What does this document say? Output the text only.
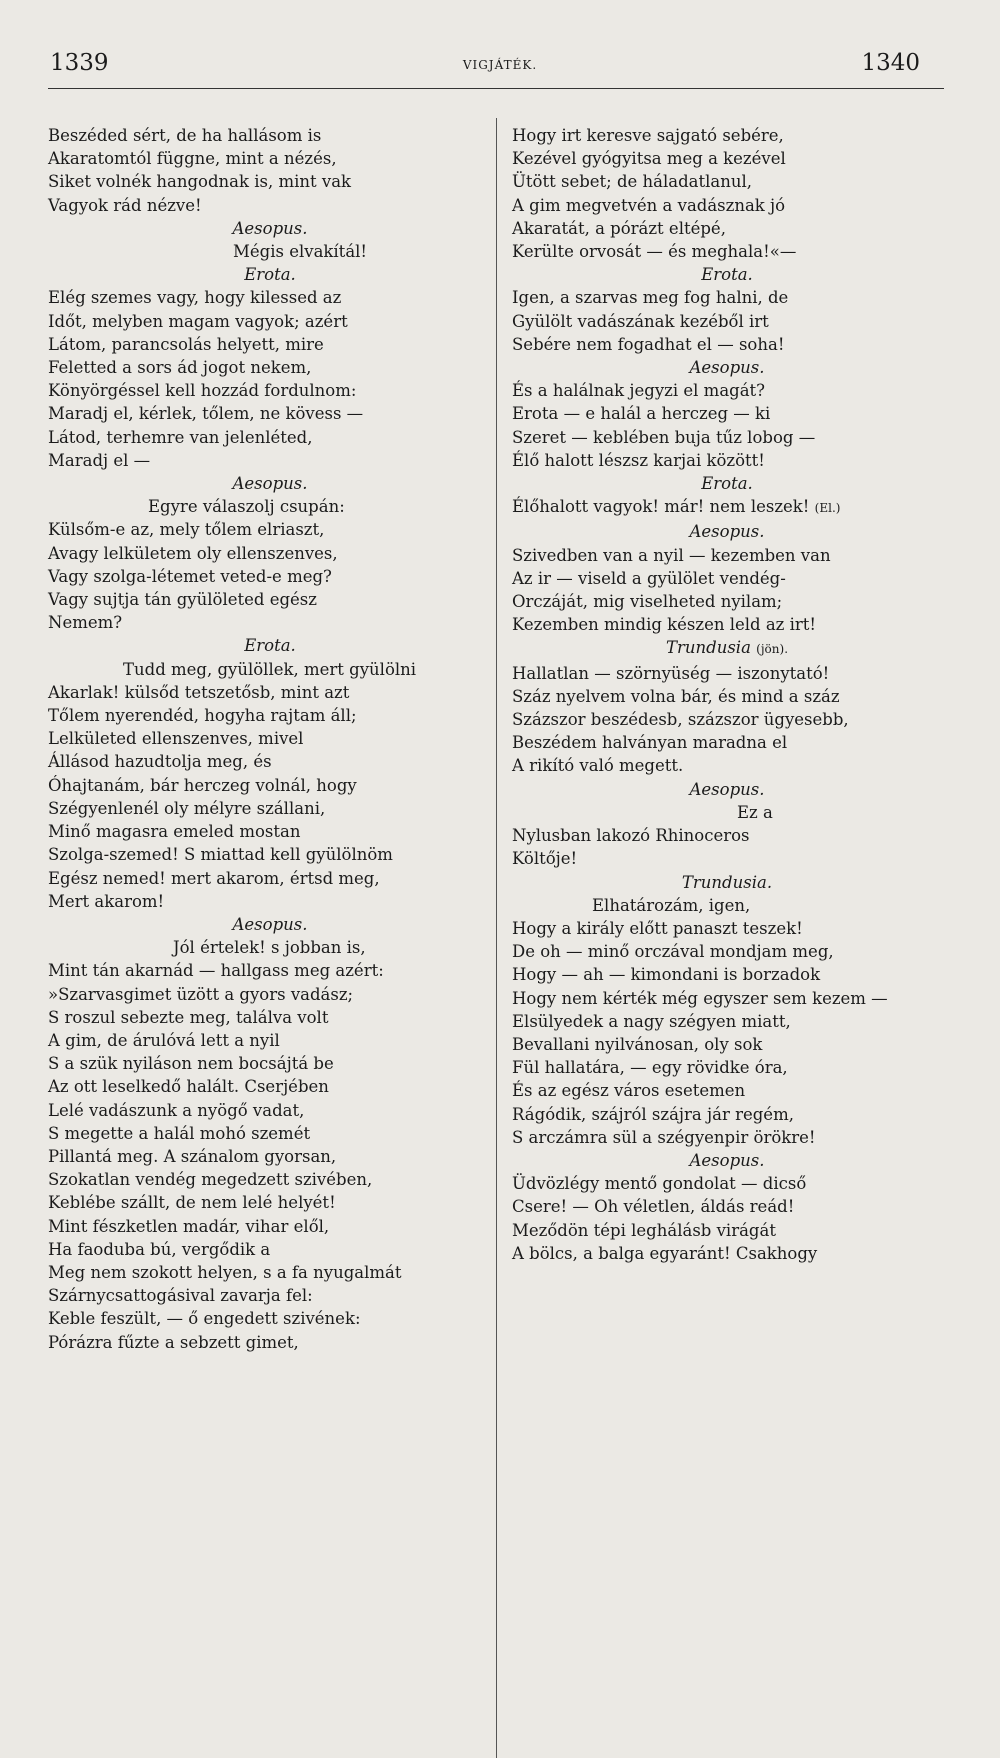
1339	VIGJÁTÉK.	1340
Beszéded sért, de ha hallásom is
Akaratomtól függne, mint a nézés,
Siket volnék hangodnak is, mint vak
Vagyok rád nézve!
Aesopus.
Mégis elvakítál!
Erota.
Elég szemes vagy, hogy kilessed az
Időt, melyben magam vagyok; azért
Látom, parancsolás helyett, mire
Feletted a sors ád jogot nekem,
Könyörgéssel kell hozzád fordulnom:
Maradj el, kérlek, tőlem, ne kövess —
Látod, terhemre van jelenléted,
Maradj el —
Aesopus.
Egyre válaszolj csupán:
Külsőm-e az, mely tőlem elriaszt,
Avagy lelkületem oly ellenszenves,
Vagy szolga-létemet veted-e meg?
Vagy sujtja tán gyülöleted egész
Nemem?
Erota.
Tudd meg, gyülöllek, mert gyülölni
Akarlak! külsőd tetszetősb, mint azt
Tőlem nyerendéd, hogyha rajtam áll;
Lelkületed ellenszenves, mivel
Állásod hazudtolja meg, és
Óhajtanám, bár herczeg volnál, hogy
Szégyenlenél oly mélyre szállani,
Minő magasra emeled mostan
Szolga-szemed! S miattad kell gyülölnöm
Egész nemed! mert akarom, értsd meg,
Mert akarom!
Aesopus.
Jól értelek! s jobban is,
Mint tán akarnád — hallgass meg azért:
»Szarvasgimet üzött a gyors vadász;
S roszul sebezte meg, találva volt
A gim, de árulóvá lett a nyil
S a szük nyiláson nem bocsájtá be
Az ott leselkedő halált. Cserjében
Lelé vadászunk a nyögő vadat,
S megette a halál mohó szemét
Pillantá meg. A szánalom gyorsan,
Szokatlan vendég megedzett szivében,
Keblébe szállt, de nem lelé helyét!
Mint fészketlen madár, vihar elől,
Ha faoduba bú, vergődik a
Meg nem szokott helyen, s a fa nyugalmát
Szárnycsattogásival zavarja fel:
Keble feszült, — ő engedett szivének:
Pórázra fűzte a sebzett gimet,
Hogy irt keresve sajgató sebére,
Kezével gyógyitsa meg a kezével
Ütött sebet; de háladatlanul,
A gim megvetvén a vadásznak jó
Akaratát, a pórázt eltépé,
Kerülte orvosát — és meghala!«—
Erota.
Igen, a szarvas meg fog halni, de
Gyülölt vadászának kezéből irt
Sebére nem fogadhat el — soha!
Aesopus.
És a halálnak jegyzi el magát?
Erota — e halál a herczeg — ki
Szeret — keblében buja tűz lobog —
Élő halott lészsz karjai között!
Erota.
Élőhalott vagyok! már! nem leszek! (El.)
Aesopus.
Szivedben van a nyil — kezemben van
Az ir — viseld a gyülölet vendég-
Orczáját, mig viselheted nyilam;
Kezemben mindig készen leld az irt!
Trundusia (jön).
Hallatlan — szörnyüség — iszonytató!
Száz nyelvem volna bár, és mind a száz
Százszor beszédesb, százszor ügyesebb,
Beszédem halványan maradna el
A rikító való megett.
Aesopus.
Ez a
Nylusban lakozó Rhinoceros
Költője!
Trundusia.
Elhatározám, igen,
Hogy a király előtt panaszt teszek!
De oh — minő orczával mondjam meg,
Hogy — ah — kimondani is borzadok
Hogy nem kérték még egyszer sem kezem —
Elsülyedek a nagy szégyen miatt,
Bevallani nyilvánosan, oly sok
Fül hallatára, — egy rövidke óra,
És az egész város esetemen
Rágódik, szájról szájra jár regém,
S arczámra sül a szégyenpir örökre!
Aesopus.
Üdvözlégy mentő gondolat — dicső
Csere! — Oh véletlen, áldás reád!
Meződön tépi leghálásb virágát
A bölcs, a balga egyaránt! Csakhogy
